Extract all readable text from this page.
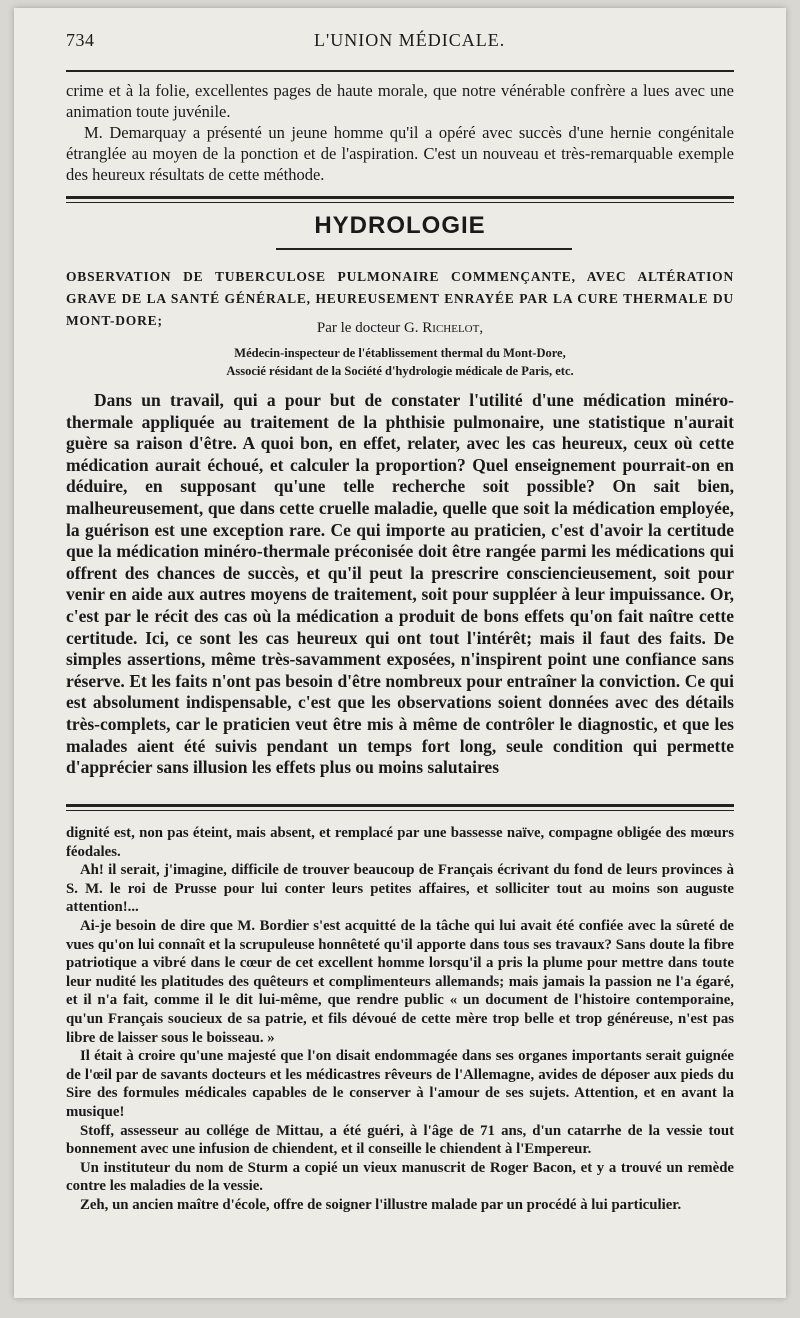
734	L'UNION MÉDICALE.

crime et à la folie, excellentes pages de haute morale, que notre vénérable confrère a lues avec une animation toute juvénile.

M. Demarquay a présenté un jeune homme qu'il a opéré avec succès d'une hernie congénitale étranglée au moyen de la ponction et de l'aspiration. C'est un nouveau et très-remarquable exemple des heureux résultats de cette méthode.

HYDROLOGIE
OBSERVATION DE TUBERCULOSE PULMONAIRE COMMENÇANTE, AVEC ALTÉRATION GRAVE DE LA SANTÉ GÉNÉRALE, HEUREUSEMENT ENRAYÉE PAR LA CURE THERMALE DU MONT-DORE;	Par le docteur G. Richelot,
Médecin-inspecteur de l'établissement thermal du Mont-Dore,
Associé résidant de la Société d'hydrologie médicale de Paris, etc.

Dans un travail, qui a pour but de constater l'utilité d'une médication minéro-thermale appliquée au traitement de la phthisie pulmonaire, une statistique n'aurait guère sa raison d'être. A quoi bon, en effet, relater, avec les cas heureux, ceux où cette médication aurait échoué, et calculer la proportion? Quel enseignement pourrait-on en déduire, en supposant qu'une telle recherche soit possible? On sait bien, malheureusement, que dans cette cruelle maladie, quelle que soit la médication employée, la guérison est une exception rare. Ce qui importe au praticien, c'est d'avoir la certitude que la médication minéro-thermale préconisée doit être rangée parmi les médications qui offrent des chances de succès, et qu'il peut la prescrire consciencieusement, soit pour venir en aide aux autres moyens de traitement, soit pour suppléer à leur impuissance. Or, c'est par le récit des cas où la médication a produit de bons effets qu'on fait naître cette certitude. Ici, ce sont les cas heureux qui ont tout l'intérêt; mais il faut des faits. De simples assertions, même très-savamment exposées, n'inspirent point une confiance sans réserve. Et les faits n'ont pas besoin d'être nombreux pour entraîner la conviction. Ce qui est absolument indispensable, c'est que les observations soient données avec des détails très-complets, car le praticien veut être mis à même de contrôler le diagnostic, et que les malades aient été suivis pendant un temps fort long, seule condition qui permette d'apprécier sans illusion les effets plus ou moins salutaires

dignité est, non pas éteint, mais absent, et remplacé par une bassesse naïve, compagne obligée des mœurs féodales.

Ah! il serait, j'imagine, difficile de trouver beaucoup de Français écrivant du fond de leurs provinces à S. M. le roi de Prusse pour lui conter leurs petites affaires, et solliciter tout au moins son auguste attention!...

Ai-je besoin de dire que M. Bordier s'est acquitté de la tâche qui lui avait été confiée avec la sûreté de vues qu'on lui connaît et la scrupuleuse honnêteté qu'il apporte dans tous ses travaux? Sans doute la fibre patriotique a vibré dans le cœur de cet excellent homme lorsqu'il a pris la plume pour mettre dans toute leur nudité les platitudes des quêteurs et complimenteurs allemands; mais jamais la passion ne l'a égaré, et il n'a fait, comme il le dit lui-même, que rendre public « un document de l'histoire contemporaine, qu'un Français soucieux de sa patrie, et fils dévoué de cette mère trop belle et trop généreuse, n'est pas libre de laisser sous le boisseau. »

Il était à croire qu'une majesté que l'on disait endommagée dans ses organes importants serait guignée de l'œil par de savants docteurs et les médicastres rêveurs de l'Allemagne, avides de déposer aux pieds du Sire des formules médicales capables de le conserver à l'amour de ses sujets. Attention, et en avant la musique!

Stoff, assesseur au collége de Mittau, a été guéri, à l'âge de 71 ans, d'un catarrhe de la vessie tout bonnement avec une infusion de chiendent, et il conseille le chiendent à l'Empereur.

Un instituteur du nom de Sturm a copié un vieux manuscrit de Roger Bacon, et y a trouvé un remède contre les maladies de la vessie.

Zeh, un ancien maître d'école, offre de soigner l'illustre malade par un procédé à lui particulier.
